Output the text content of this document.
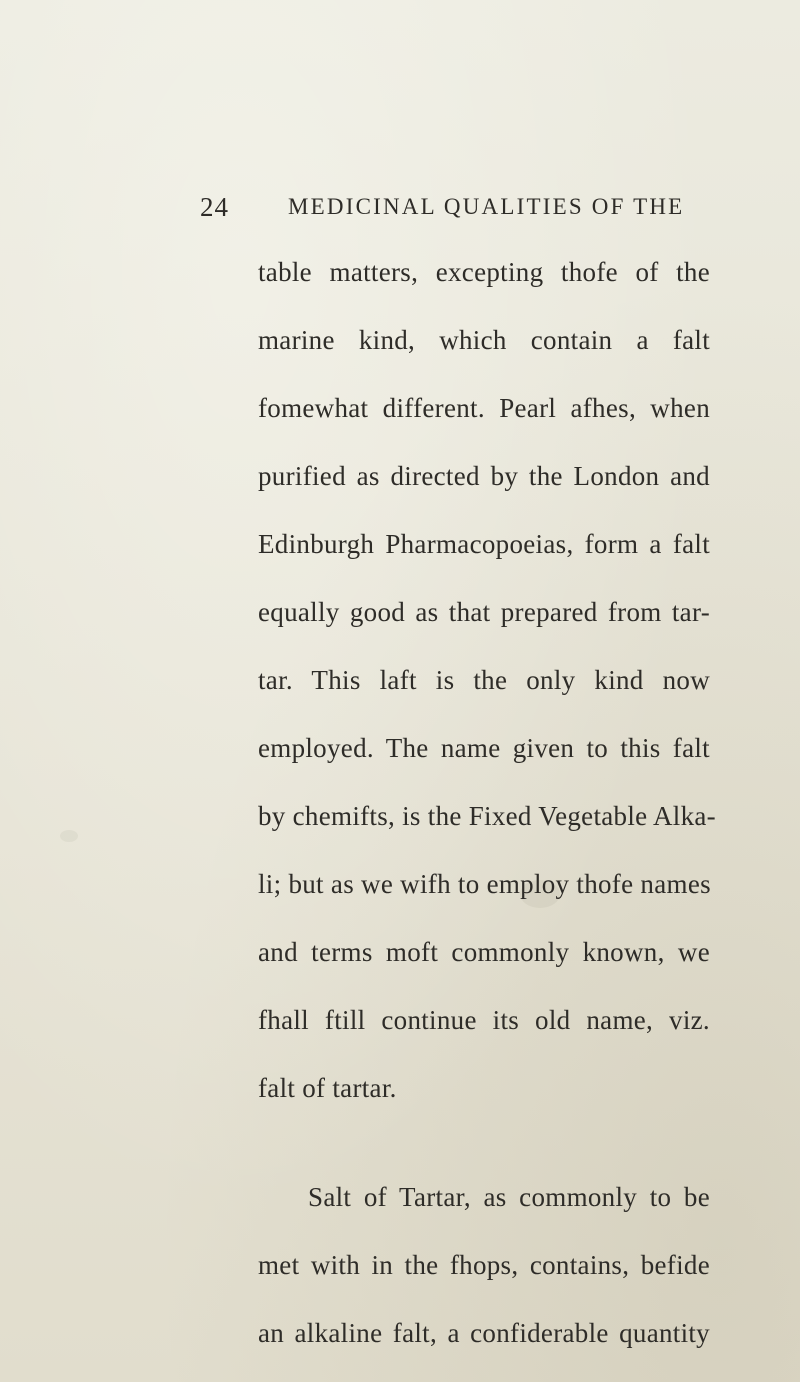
24	MEDICINAL QUALITIES OF THE
table matters, excepting thofe of the
marine kind, which contain a falt
fomewhat different. Pearl afhes, when
purified as directed by the London and
Edinburgh Pharmacopoeias, form a falt
equally good as that prepared from tar-
tar. This laft is the only kind now
employed. The name given to this falt
by chemifts, is the Fixed Vegetable Alka-
li; but as we wifh to employ thofe names
and terms moft commonly known, we
fhall ftill continue its old name, viz.
falt of tartar.
Salt of Tartar, as commonly to be
met with in the fhops, contains, befide
an alkaline falt, a confiderable quantity
